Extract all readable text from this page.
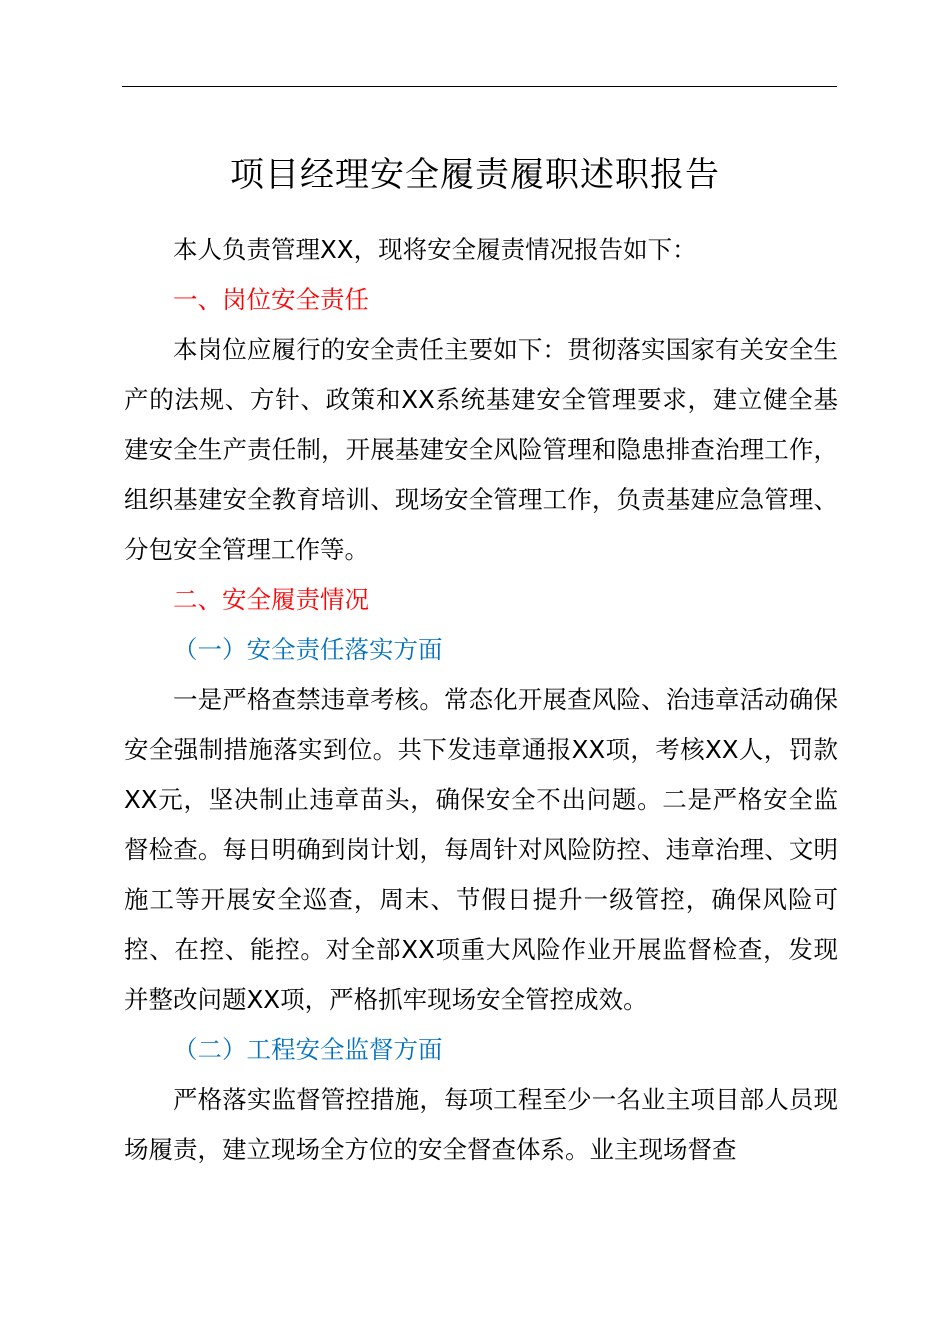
项目经理安全履责履职述职报告

本人负责管理XX，现将安全履责情况报告如下：

一、岗位安全责任

本岗位应履行的安全责任主要如下：贯彻落实国家有关安全生产的法规、方针、政策和XX系统基建安全管理要求，建立健全基建安全生产责任制，开展基建安全风险管理和隐患排查治理工作，组织基建安全教育培训、现场安全管理工作，负责基建应急管理、分包安全管理工作等。

二、安全履责情况

（一）安全责任落实方面

一是严格查禁违章考核。常态化开展查风险、治违章活动确保安全强制措施落实到位。共下发违章通报XX项，考核XX人，罚款XX元，坚决制止违章苗头，确保安全不出问题。二是严格安全监督检查。每日明确到岗计划，每周针对风险防控、违章治理、文明施工等开展安全巡查，周末、节假日提升一级管控，确保风险可控、在控、能控。对全部XX项重大风险作业开展监督检查，发现并整改问题XX项，严格抓牢现场安全管控成效。

（二）工程安全监督方面

严格落实监督管控措施，每项工程至少一名业主项目部人员现场履责，建立现场全方位的安全督查体系。业主现场督查
